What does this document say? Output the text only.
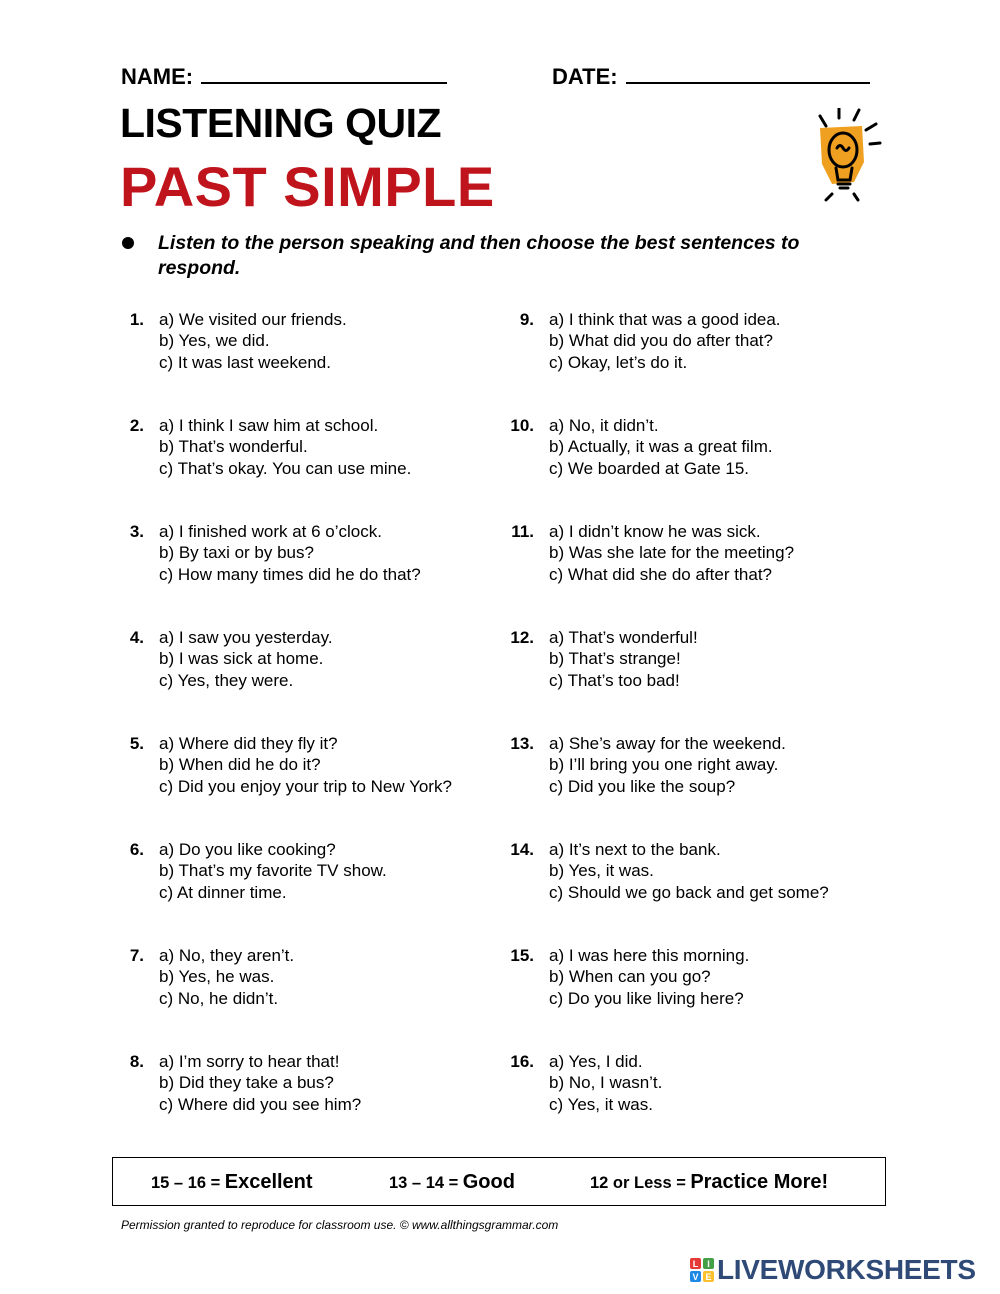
NAME:	DATE:
LISTENING QUIZ
PAST SIMPLE
Listen to the person speaking and then choose the best sentences to respond.
1. a) We visited our friends.
b) Yes, we did.
c) It was last weekend.
2. a) I think I saw him at school.
b) That’s wonderful.
c) That’s okay. You can use mine.
3. a) I finished work at 6 o’clock.
b) By taxi or by bus?
c) How many times did he do that?
4. a) I saw you yesterday.
b) I was sick at home.
c) Yes, they were.
5. a) Where did they fly it?
b) When did he do it?
c) Did you enjoy your trip to New York?
6. a) Do you like cooking?
b) That’s my favorite TV show.
c) At dinner time.
7. a) No, they aren’t.
b) Yes, he was.
c) No, he didn’t.
8. a) I’m sorry to hear that!
b) Did they take a bus?
c) Where did you see him?
9. a) I think that was a good idea.
b) What did you do after that?
c) Okay, let’s do it.
10. a) No, it didn’t.
b) Actually, it was a great film.
c) We boarded at Gate 15.
11. a) I didn’t know he was sick.
b) Was she late for the meeting?
c) What did she do after that?
12. a) That’s wonderful!
b) That’s strange!
c) That’s too bad!
13. a) She’s away for the weekend.
b) I’ll bring you one right away.
c) Did you like the soup?
14. a) It’s next to the bank.
b) Yes, it was.
c) Should we go back and get some?
15. a) I was here this morning.
b) When can you go?
c) Do you like living here?
16. a) Yes, I did.
b) No, I wasn’t.
c) Yes, it was.
15 – 16 = Excellent	13 – 14 = Good	12 or Less = Practice More!
Permission granted to reproduce for classroom use. © www.allthingsgrammar.com
L I
V E LIVEWORKSHEETS
